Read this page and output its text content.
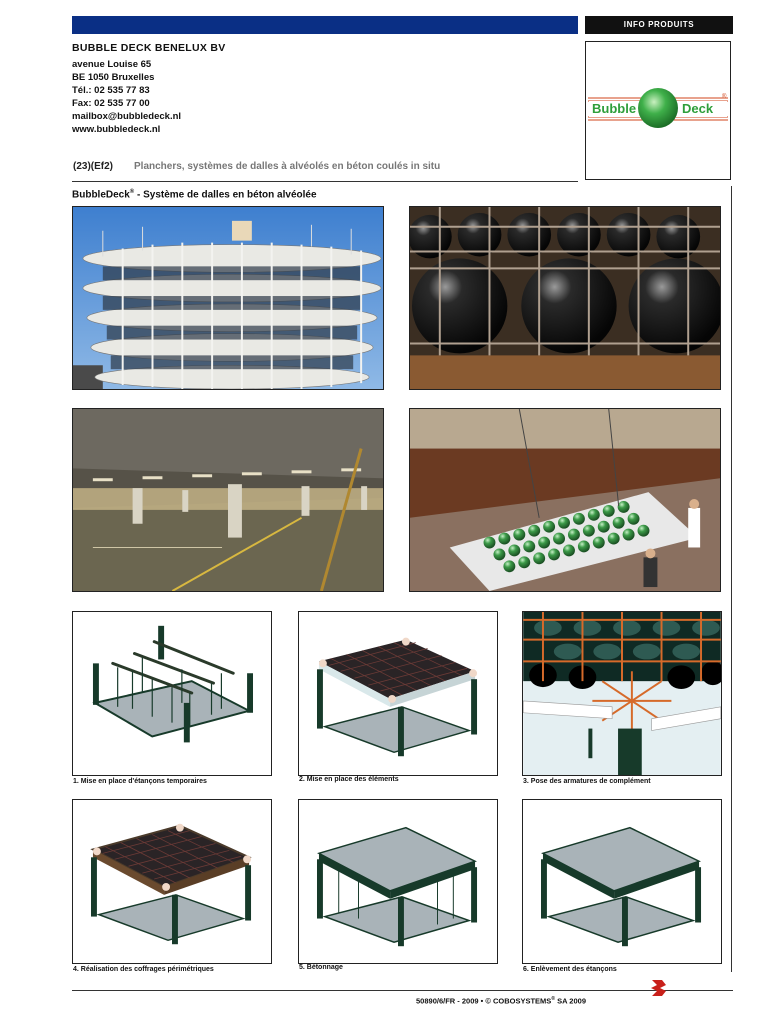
INFO PRODUITS
BUBBLE DECK BENELUX BV
avenue Louise 65
BE 1050 Bruxelles
Tél.: 02 535 77 83
Fax: 02 535 77 00
mailbox@bubbledeck.nl
www.bubbledeck.nl
(23)(Ef2) Planchers, systèmes de dalles à alvéolés en béton coulés in situ
Bubble	Deck
®
BubbleDeck® - Système de dalles en béton alvéolée
1. Mise en place d'étançons temporaires	2. Mise en place des éléments	3. Pose des armatures de complément
4. Réalisation des coffrages périmétriques	5. Bétonnage	6. Enlèvement des étançons
50890/6/FR - 2009 • © COBOSYSTEMS® SA 2009
